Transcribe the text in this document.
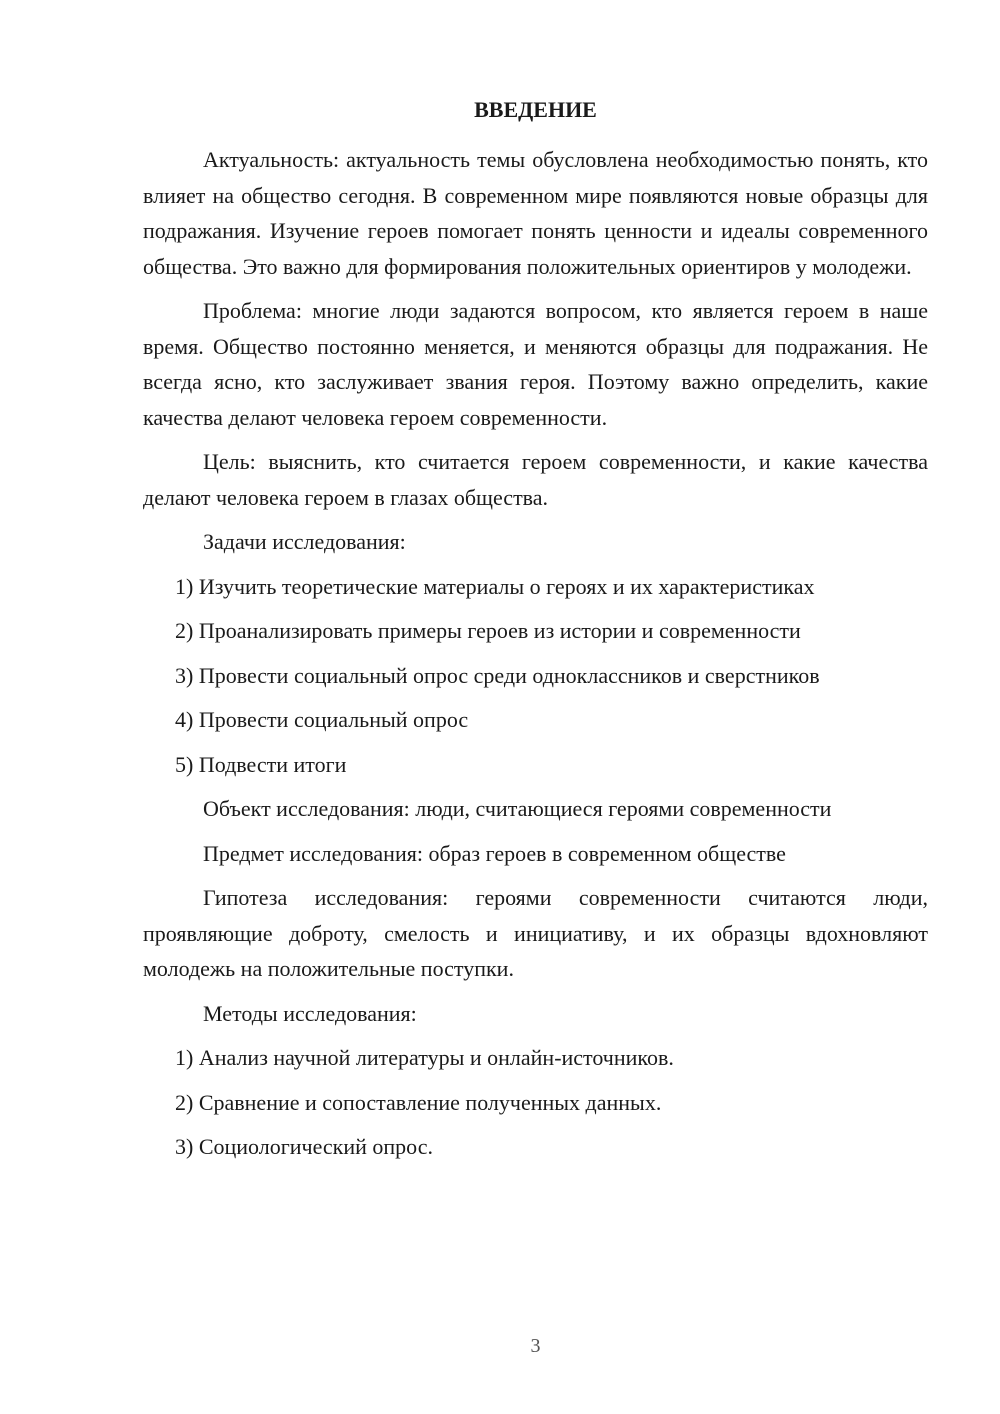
ВВЕДЕНИЕ

Актуальность: актуальность темы обусловлена необходимостью понять, кто влияет на общество сегодня. В современном мире появляются новые образцы для подражания. Изучение героев помогает понять ценности и идеалы современного общества. Это важно для формирования положительных ориентиров у молодежи.

Проблема: многие люди задаются вопросом, кто является героем в наше время. Общество постоянно меняется, и меняются образцы для подражания. Не всегда ясно, кто заслуживает звания героя. Поэтому важно определить, какие качества делают человека героем современности.

Цель: выяснить, кто считается героем современности, и какие качества делают человека героем в глазах общества.

Задачи исследования:

1) Изучить теоретические материалы о героях и их характеристиках

2) Проанализировать примеры героев из истории и современности

3) Провести социальный опрос среди одноклассников и сверстников

4) Провести социальный опрос

5) Подвести итоги

Объект исследования: люди, считающиеся героями современности

Предмет исследования: образ героев в современном обществе

Гипотеза исследования: героями современности считаются люди, проявляющие доброту, смелость и инициативу, и их образцы вдохновляют молодежь на положительные поступки.

Методы исследования:

1) Анализ научной литературы и онлайн-источников.

2) Сравнение и сопоставление полученных данных.

3) Социологический опрос.

3
